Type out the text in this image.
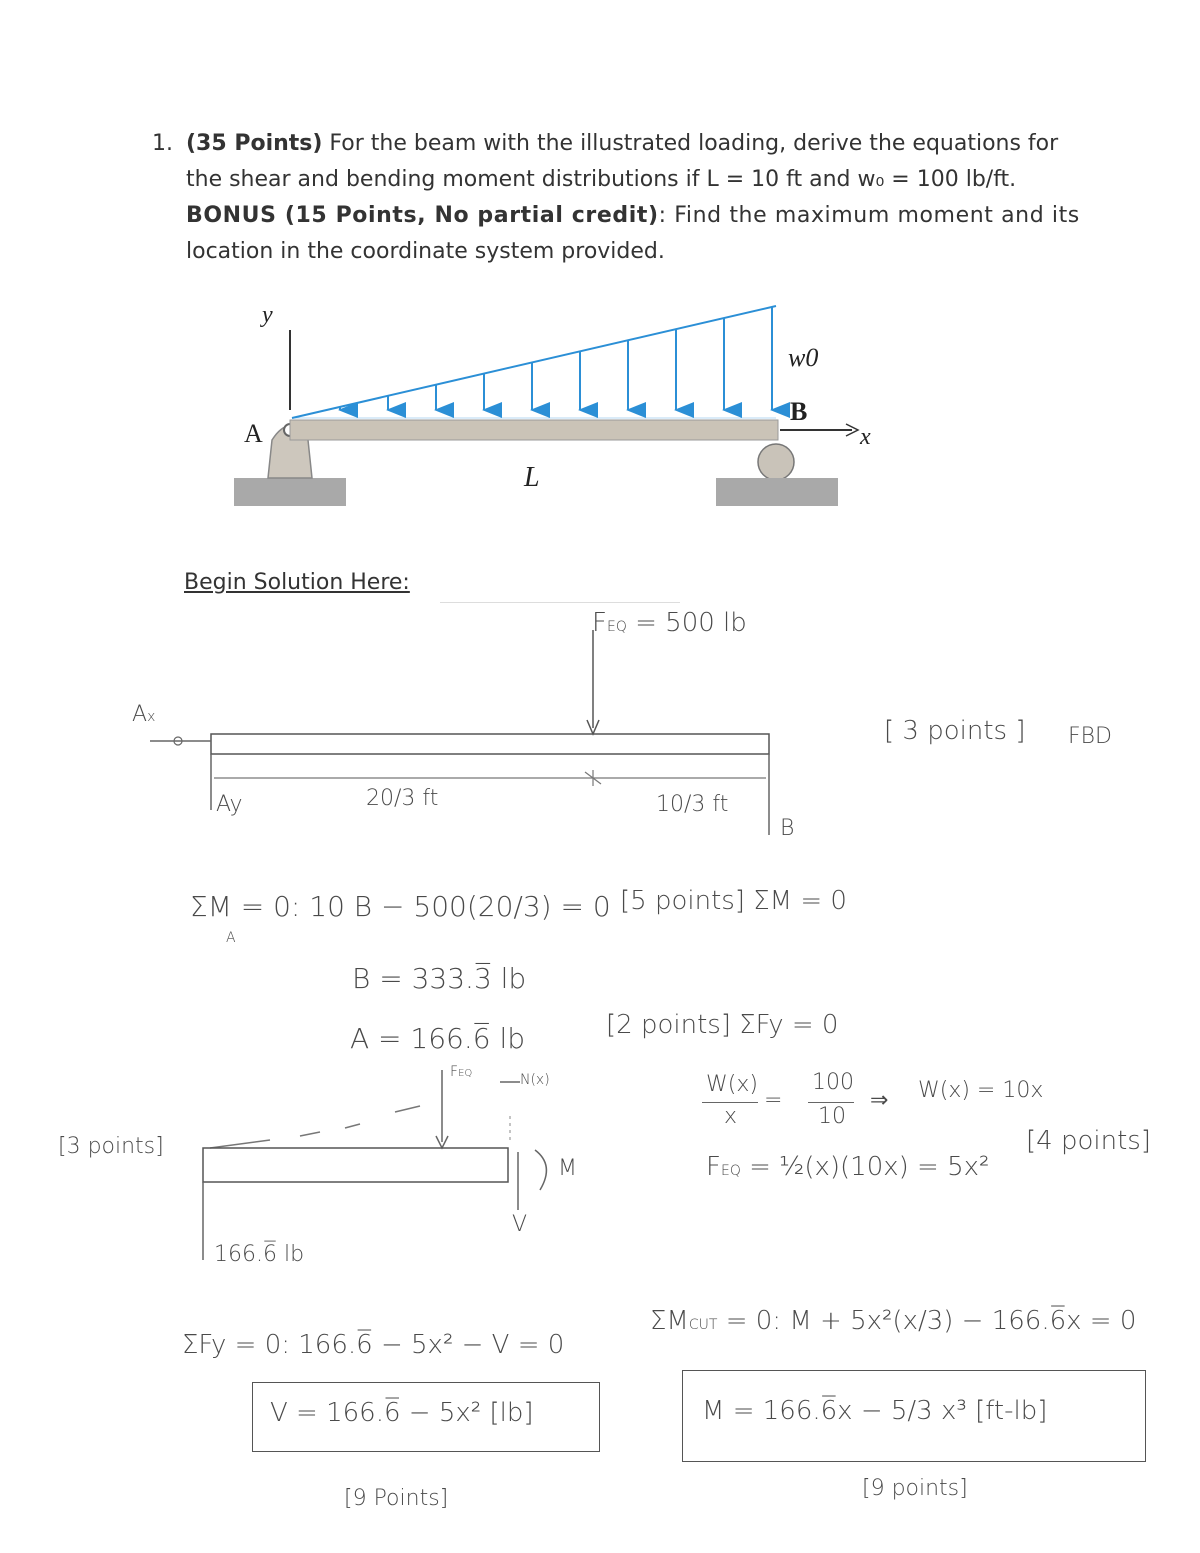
1. (35 Points) For the beam with the illustrated loading, derive the equations for
the shear and bending moment distributions if L = 10 ft and w₀ = 100 lb/ft.
BONUS (15 Points, No partial credit): Find the maximum moment and its
location in the coordinate system provided.
y
A
w0
B
x
L
Begin Solution Here:
FEQ = 500 lb
Ax
Ay	20/3 ft	10/3 ft
B
[ 3 points ] FBD
ΣM = 0: 10 B − 500(20/3) = 0
A
[5 points] ΣM = 0
B = 333.3̅ lb
A = 166.6̅ lb	[2 points] ΣFy = 0
FEQ	N(x)
M
V
166.6̅ lb
[3 points]
W(x)
x
=
100
10
⇒ W(x) = 10x
FEQ = ½(x)(10x) = 5x²
[4 points]
ΣFy = 0: 166.6̅ − 5x² − V = 0
V = 166.6̅ − 5x² [lb]
[9 Points]
ΣMCUT = 0: M + 5x²(x/3) − 166.6̅x = 0
M = 166.6̅x − 5/3 x³ [ft-lb]
[9 points]
